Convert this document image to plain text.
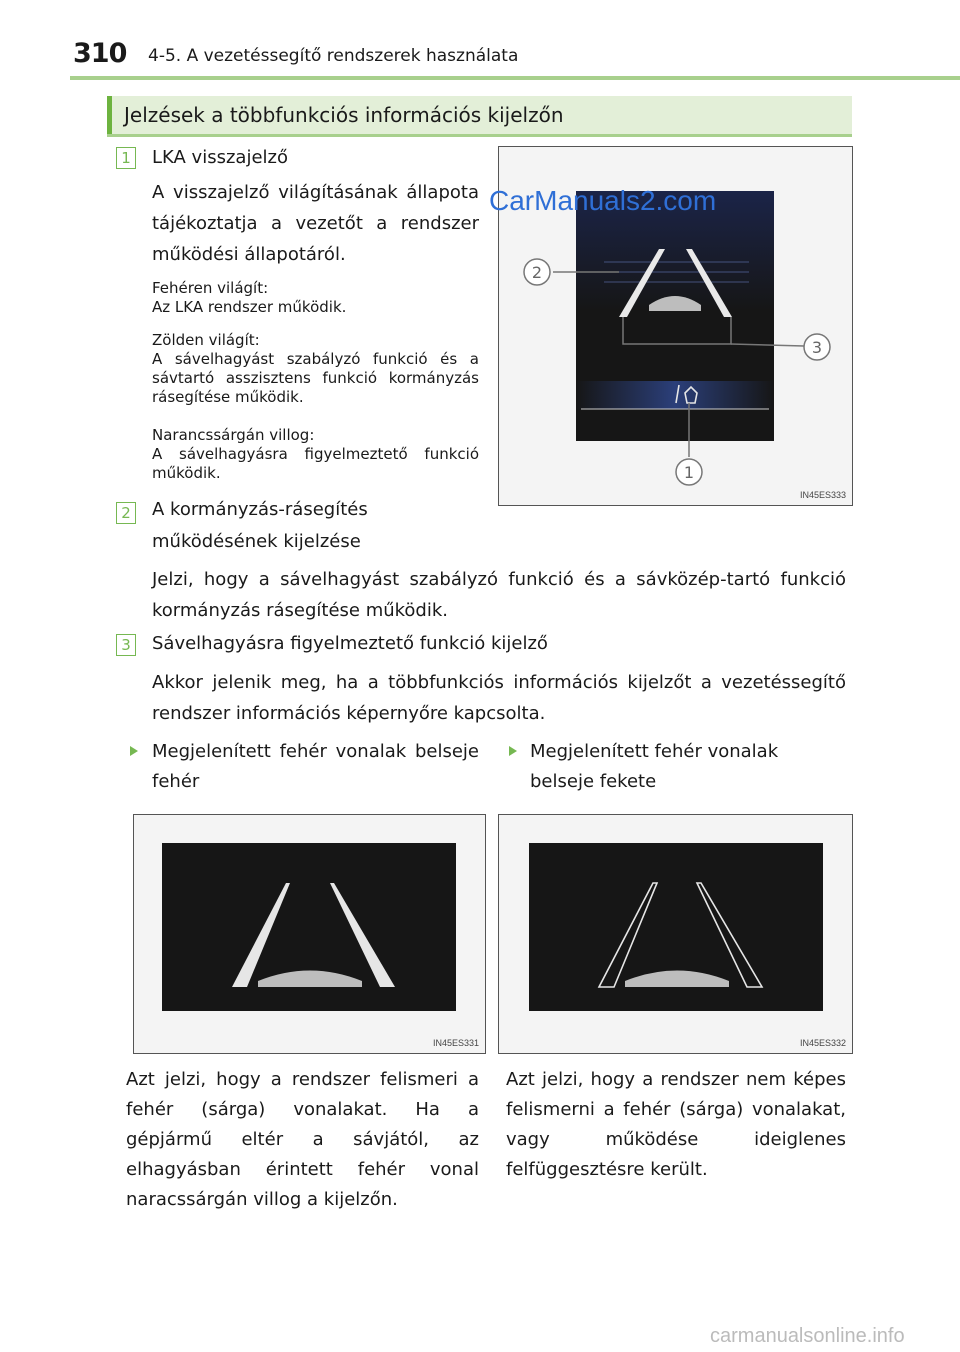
310 4-5. A vezetéssegítő rendszerek használata
Jelzések a többfunkciós információs kijelzőn
1 LKA visszajelző
A visszajelző világításának állapota tájékoztatja a vezetőt a rendszer működési állapotáról.
Fehéren világít:
Az LKA rendszer működik.
Zölden világít:
A sávelhagyást szabályzó funkció és a sávtartó asszisztens funkció kormányzás rásegítése működik.
Narancssárgán villog:
A sávelhagyásra figyelmeztető funkció működik.
2
3
1
IN45ES333
CarManuals2.com
2 A kormányzás-rásegítés működésének kijelzése
Jelzi, hogy a sávelhagyást szabályzó funkció és a sávközép-tartó funkció kormányzás rásegítése működik.
3 Sávelhagyásra figyelmeztető funkció kijelző
Akkor jelenik meg, ha a többfunkciós információs kijelzőt a vezetéssegítő rendszer információs képernyőre kapcsolta.
Megjelenített fehér vonalak belseje fehér
Megjelenített fehér vonalak belseje fekete
IN45ES331	IN45ES332
Azt jelzi, hogy a rendszer felismeri a fehér (sárga) vonalakat. Ha a gépjármű eltér a sávjától, az elhagyásban érintett fehér vonal naracssárgán villog a kijelzőn.
Azt jelzi, hogy a rendszer nem képes felismerni a fehér (sárga) vonalakat, vagy működése ideiglenes felfüggesztésre került.
carmanualsonline.info
